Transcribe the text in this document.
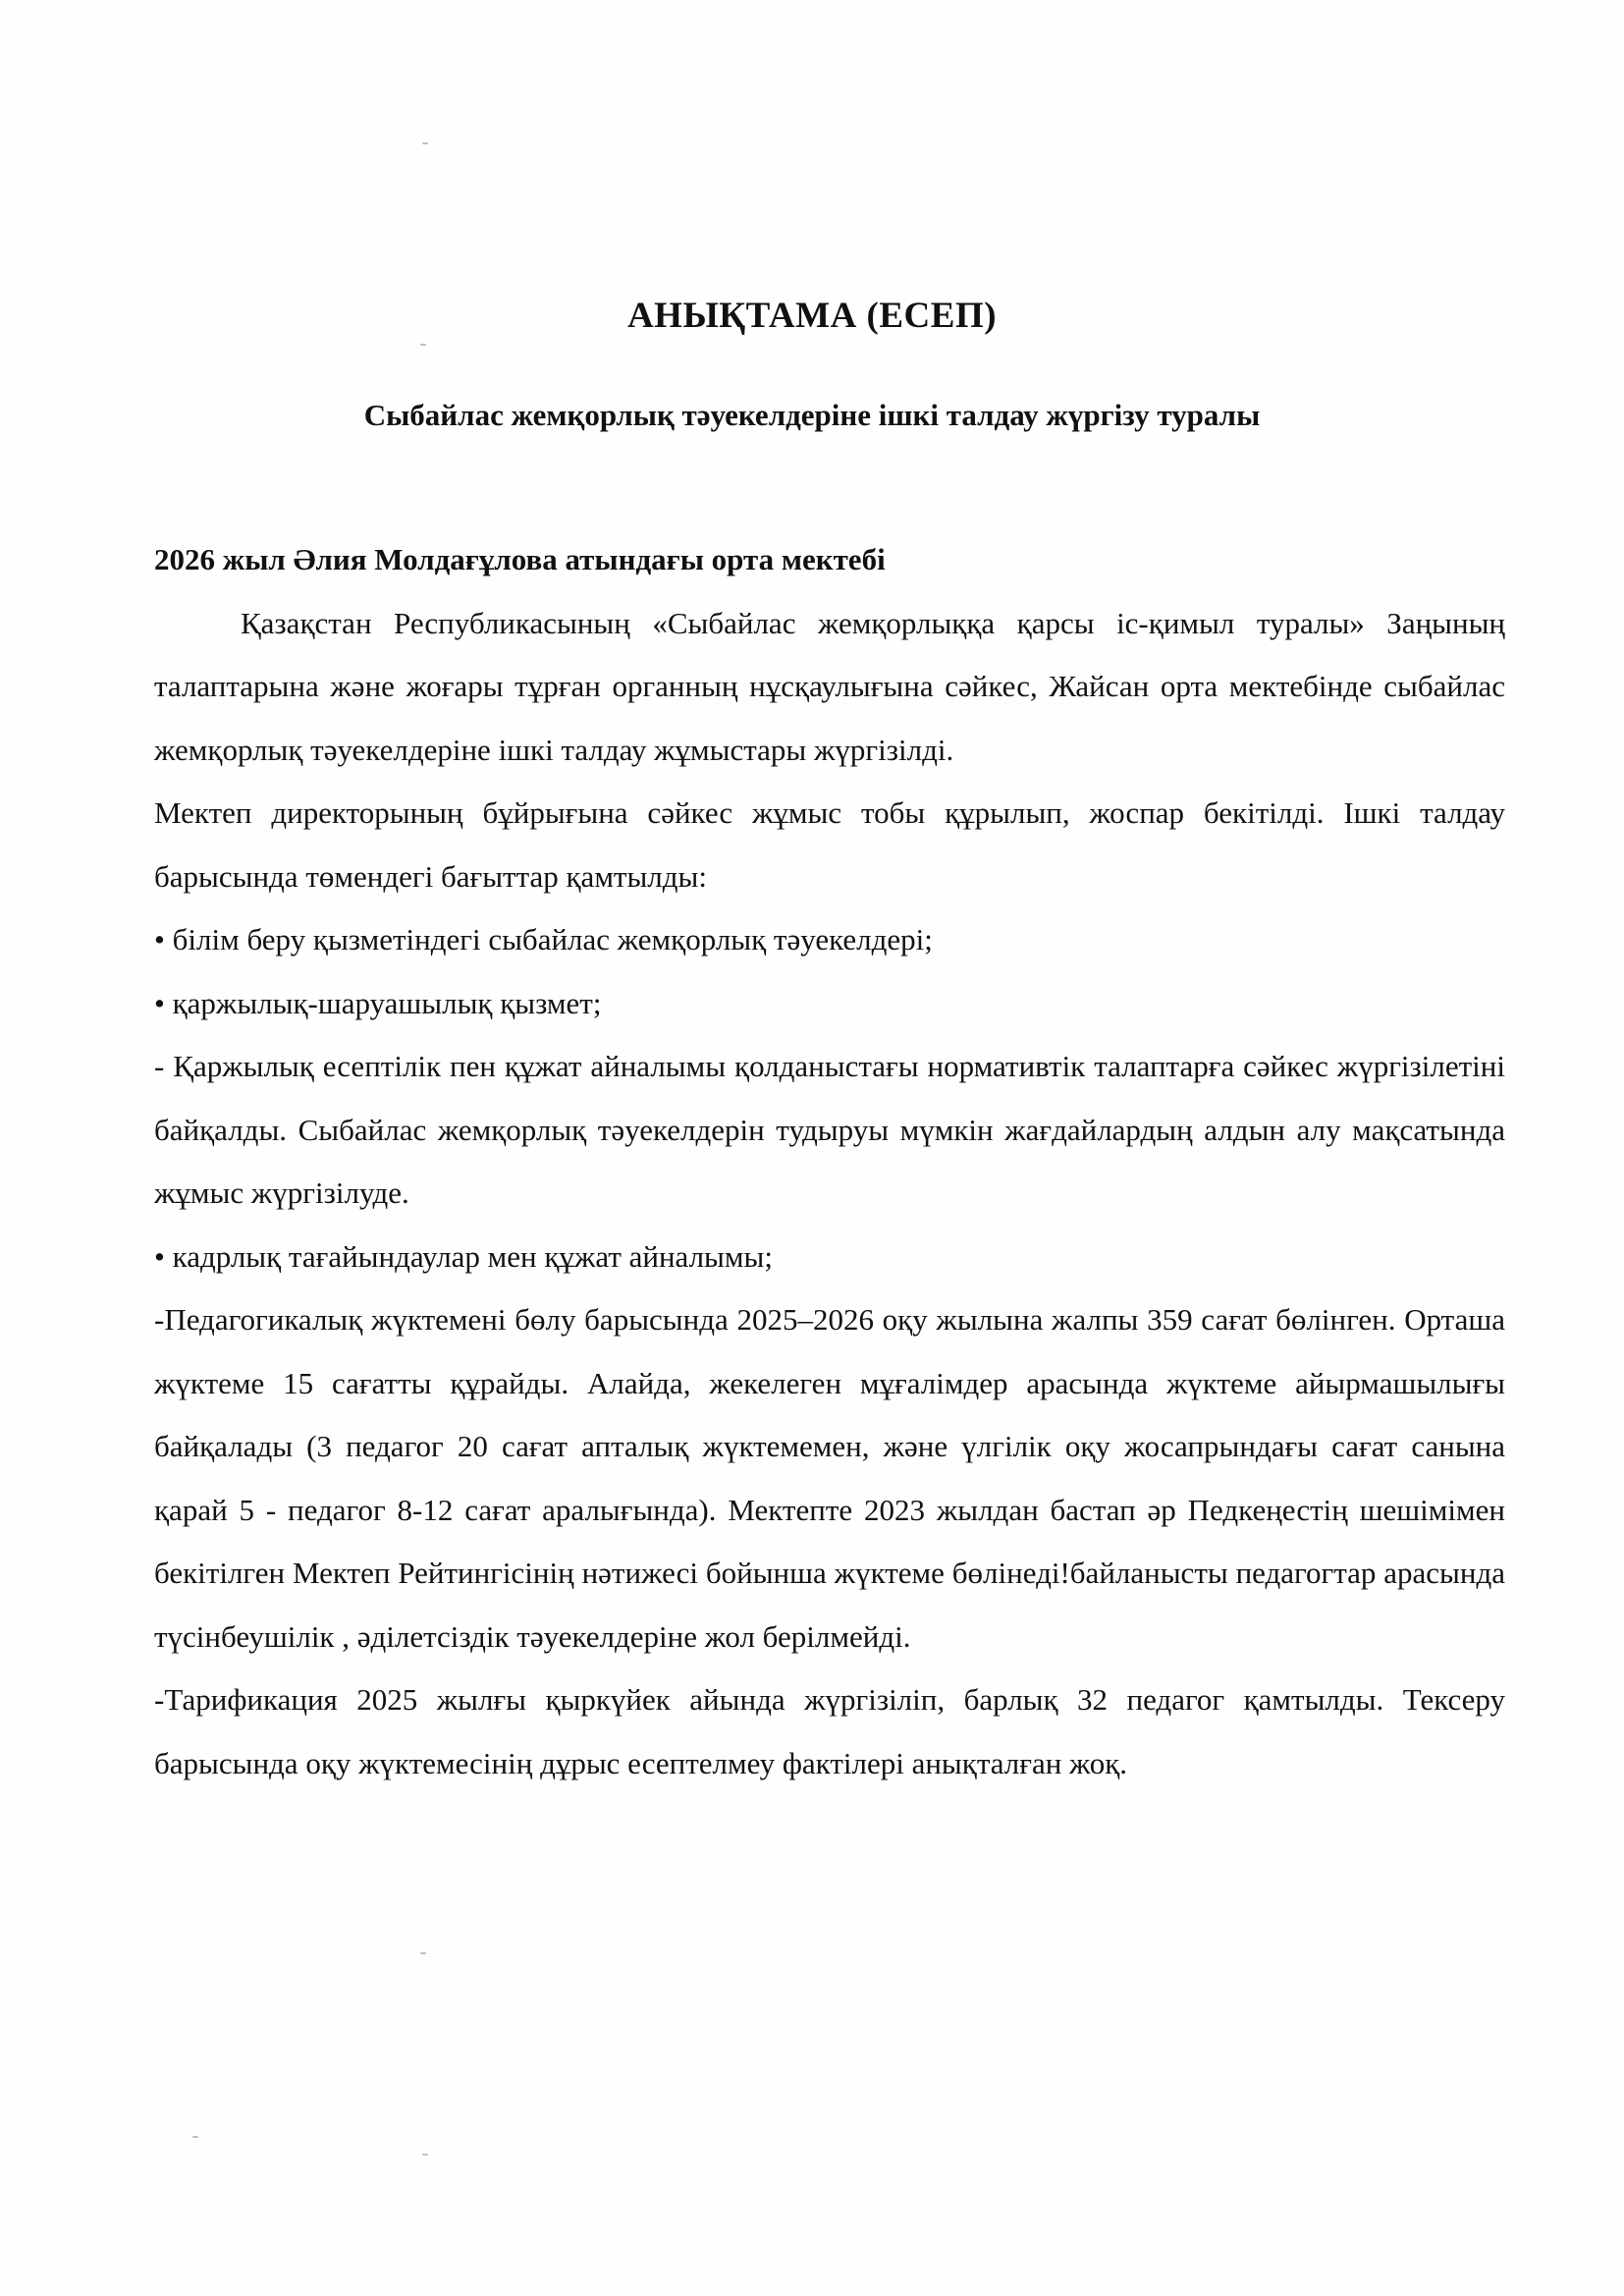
АНЫҚТАМА (ЕСЕП)
Сыбайлас жемқорлық тәуекелдеріне ішкі талдау жүргізу туралы

2026 жыл Әлия Молдағұлова атындағы орта мектебі

Қазақстан Республикасының «Сыбайлас жемқорлыққа қарсы іс-қимыл туралы» Заңының талаптарына және жоғары тұрған органның нұсқаулығына сәйкес, Жайсан орта мектебінде сыбайлас жемқорлық тәуекелдеріне ішкі талдау жұмыстары жүргізілді.

Мектеп директорының бұйрығына сәйкес жұмыс тобы құрылып, жоспар бекітілді. Ішкі талдау барысында төмендегі бағыттар қамтылды:

• білім беру қызметіндегі сыбайлас жемқорлық тәуекелдері;

• қаржылық-шаруашылық қызмет;

- Қаржылық есептілік пен құжат айналымы қолданыстағы нормативтік талаптарға сәйкес жүргізілетіні байқалды. Сыбайлас жемқорлық тәуекелдерін тудыруы мүмкін жағдайлардың алдын алу мақсатында жұмыс жүргізілуде.

• кадрлық тағайындаулар мен құжат айналымы;

-Педагогикалық жүктемені бөлу барысында 2025–2026 оқу жылына жалпы 359 сағат бөлінген. Орташа жүктеме 15 сағатты құрайды. Алайда, жекелеген мұғалімдер арасында жүктеме айырмашылығы байқалады (3 педагог 20 сағат апталық жүктемемен, және үлгілік оқу жосапрындағы сағат санына қарай 5 - педагог 8-12 сағат аралығында). Мектепте 2023 жылдан бастап әр Педкеңестің шешімімен бекітілген Мектеп Рейтингісінің нәтижесі бойынша жүктеме бөлінеді!байланысты педагогтар арасында түсінбеушілік , әділетсіздік тәуекелдеріне жол берілмейді.

-Тарификация 2025 жылғы қыркүйек айында жүргізіліп, барлық 32 педагог қамтылды. Тексеру барысында оқу жүктемесінің дұрыс есептелмеу фактілері анықталған жоқ.
